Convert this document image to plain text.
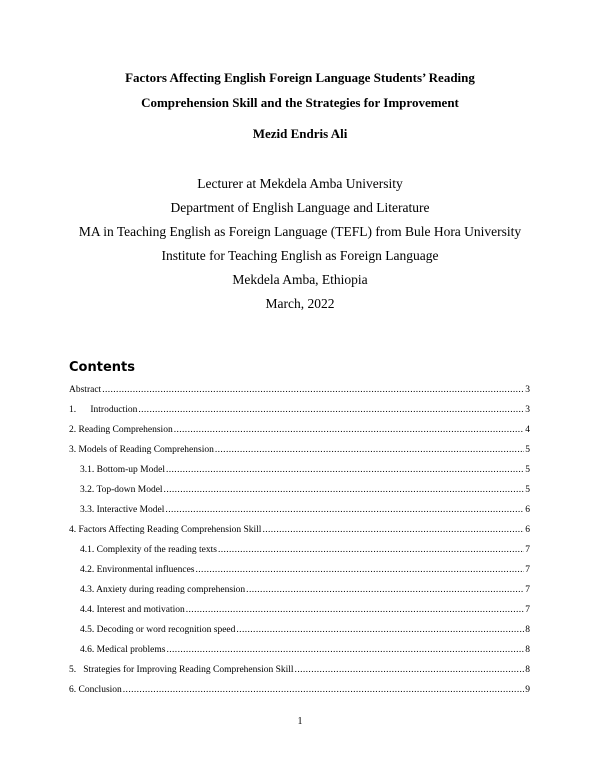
Factors Affecting English Foreign Language Students’ Reading
Comprehension Skill and the Strategies for Improvement
Mezid Endris Ali
Lecturer at Mekdela Amba University
Department of English Language and Literature
MA in Teaching English as Foreign Language (TEFL) from Bule Hora University
Institute for Teaching English as Foreign Language
Mekdela Amba, Ethiopia
March, 2022
Contents
Abstract .....	3
1.      Introduction .....	3
2. Reading Comprehension .....	4
3. Models of Reading Comprehension .....	5
3.1. Bottom-up Model .....	5
3.2. Top-down Model .....	5
3.3. Interactive Model .....	6
4. Factors Affecting Reading Comprehension Skill .....	6
4.1. Complexity of the reading texts .....	7
4.2. Environmental influences .....	7
4.3. Anxiety during reading comprehension .....	7
4.4. Interest and motivation .....	7
4.5. Decoding or word recognition speed .....	8
4.6. Medical problems .....	8
5.   Strategies for Improving Reading Comprehension Skill .....	8
6. Conclusion .....	9
1
